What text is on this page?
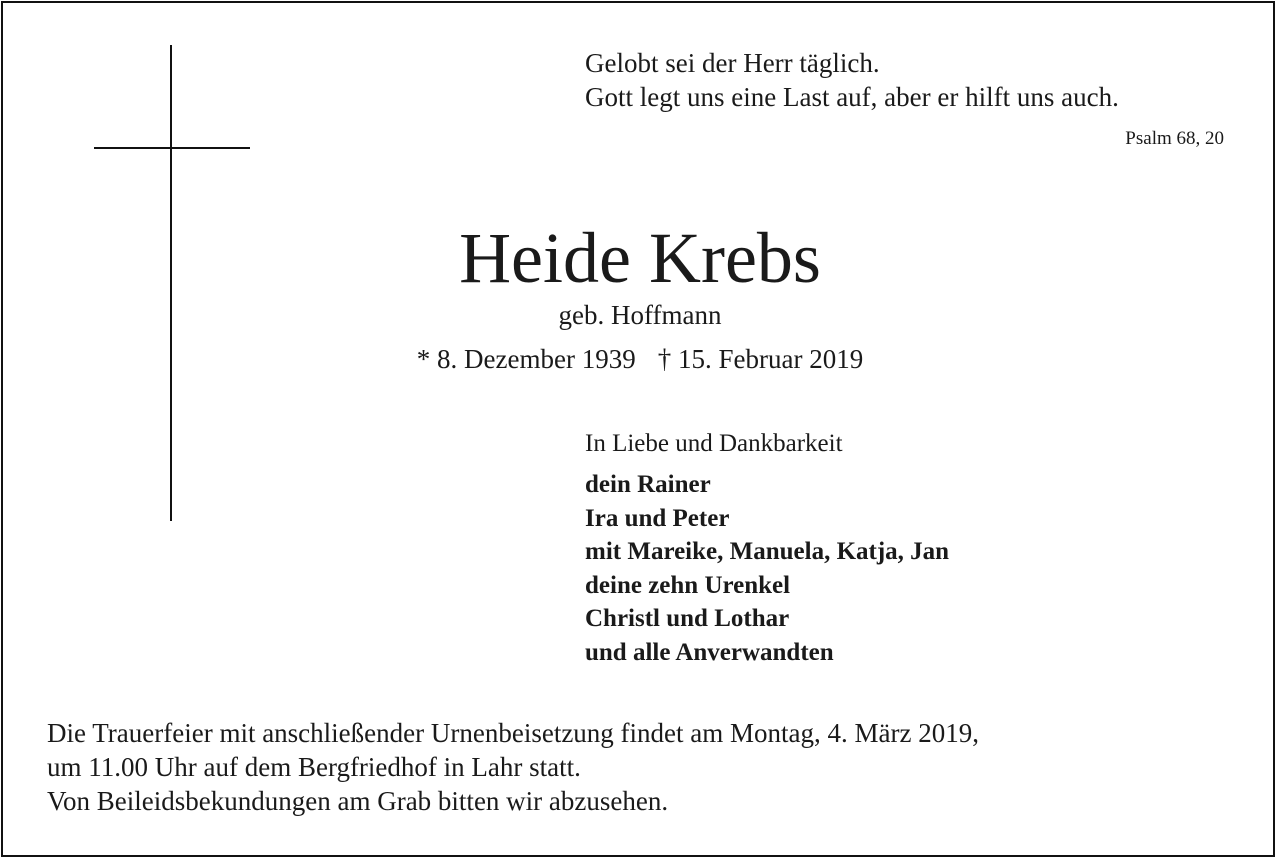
Gelobt sei der Herr täglich.
Gott legt uns eine Last auf, aber er hilft uns auch.
Psalm 68, 20
Heide Krebs
geb. Hoffmann
* 8. Dezember 1939 † 15. Februar 2019
In Liebe und Dankbarkeit
dein Rainer
Ira und Peter
mit Mareike, Manuela, Katja, Jan
deine zehn Urenkel
Christl und Lothar
und alle Anverwandten
Die Trauerfeier mit anschließender Urnenbeisetzung findet am Montag, 4. März 2019,
um 11.00 Uhr auf dem Bergfriedhof in Lahr statt.
Von Beileidsbekundungen am Grab bitten wir abzusehen.
